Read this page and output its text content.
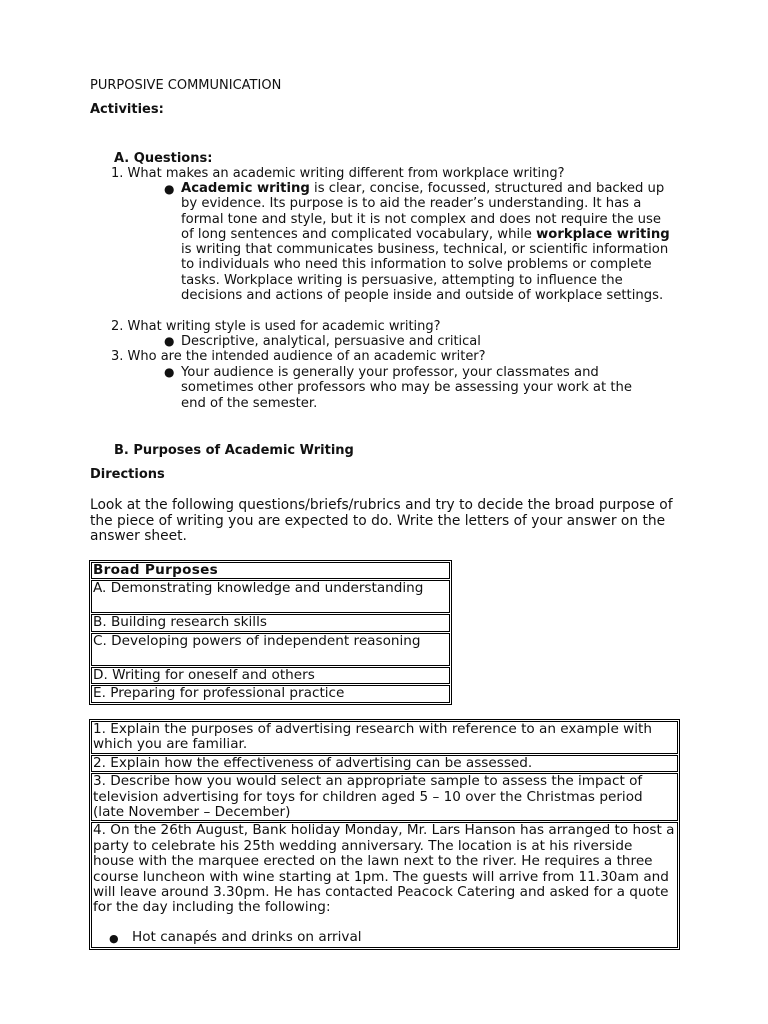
PURPOSIVE COMMUNICATION
Activities:
A. Questions:
1. What makes an academic writing different from workplace writing?
● Academic writing is clear, concise, focussed, structured and backed up by evidence. Its purpose is to aid the reader’s understanding. It has a formal tone and style, but it is not complex and does not require the use of long sentences and complicated vocabulary, while workplace writing is writing that communicates business, technical, or scientific information to individuals who need this information to solve problems or complete tasks. Workplace writing is persuasive, attempting to influence the decisions and actions of people inside and outside of workplace settings.
2. What writing style is used for academic writing?
● Descriptive, analytical, persuasive and critical
3. Who are the intended audience of an academic writer?
● Your audience is generally your professor, your classmates and sometimes other professors who may be assessing your work at the end of the semester.
B. Purposes of Academic Writing
Directions
Look at the following questions/briefs/rubrics and try to decide the broad purpose of the piece of writing you are expected to do. Write the letters of your answer on the answer sheet.
Broad Purposes
A. Demonstrating knowledge and understanding
B. Building research skills
C. Developing powers of independent reasoning
D. Writing for oneself and others
E. Preparing for professional practice
1. Explain the purposes of advertising research with reference to an example with which you are familiar.
2. Explain how the effectiveness of advertising can be assessed.
3. Describe how you would select an appropriate sample to assess the impact of television advertising for toys for children aged 5 – 10 over the Christmas period (late November – December)
4. On the 26th August, Bank holiday Monday, Mr. Lars Hanson has arranged to host a party to celebrate his 25th wedding anniversary. The location is at his riverside house with the marquee erected on the lawn next to the river. He requires a three course luncheon with wine starting at 1pm. The guests will arrive from 11.30am and will leave around 3.30pm. He has contacted Peacock Catering and asked for a quote for the day including the following:
● Hot canapés and drinks on arrival
